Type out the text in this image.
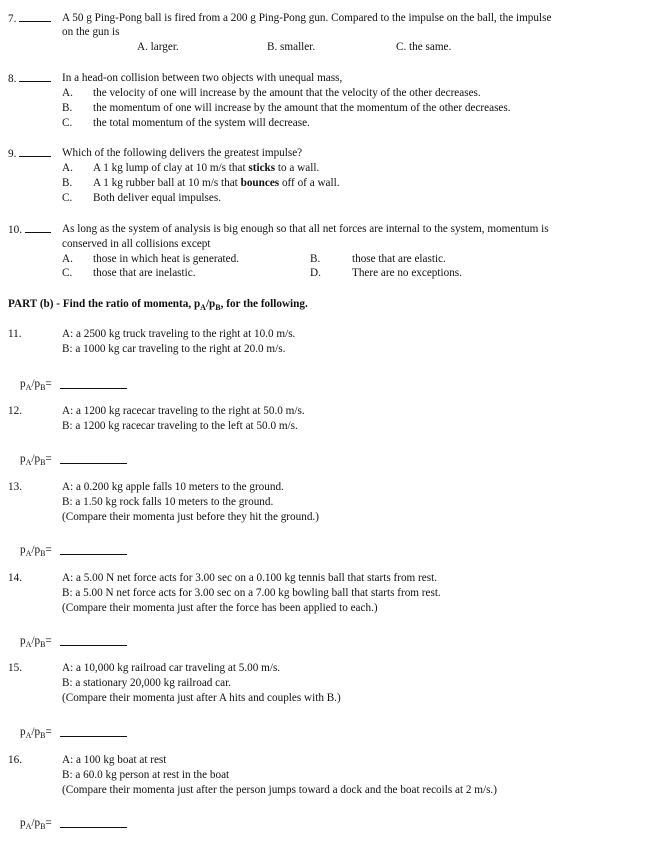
7.	A 50 g Ping-Pong ball is fired from a 200 g Ping-Pong gun. Compared to the impulse on the ball, the impulse
on the gun is
A. larger.	B. smaller.	C. the same.
8.	In a head-on collision between two objects with unequal mass,
A. the velocity of one will increase by the amount that the velocity of the other decreases.
B. the momentum of one will increase by the amount that the momentum of the other decreases.
C. the total momentum of the system will decrease.
9.	Which of the following delivers the greatest impulse?
A. A 1 kg lump of clay at 10 m/s that sticks to a wall.
B. A 1 kg rubber ball at 10 m/s that bounces off of a wall.
C. Both deliver equal impulses.
10.	As long as the system of analysis is big enough so that all net forces are internal to the system, momentum is
conserved in all collisions except
A. those in which heat is generated.	B.	those that are elastic.
C. those that are inelastic.	D.	There are no exceptions.
PART (b) - Find the ratio of momenta, $p_A/p_B$, for the following.
11.	A: a 2500 kg truck traveling to the right at 10.0 m/s.
B: a 1000 kg car traveling to the right at 20.0 m/s.
$p_A/p_B=$
12.	A: a 1200 kg racecar traveling to the right at 50.0 m/s.
B: a 1200 kg racecar traveling to the left at 50.0 m/s.
$p_A/p_B=$
13.	A: a 0.200 kg apple falls 10 meters to the ground.
B: a 1.50 kg rock falls 10 meters to the ground.
(Compare their momenta just before they hit the ground.)
$p_A/p_B=$
14.	A: a 5.00 N net force acts for 3.00 sec on a 0.100 kg tennis ball that starts from rest.
B: a 5.00 N net force acts for 3.00 sec on a 7.00 kg bowling ball that starts from rest.
(Compare their momenta just after the force has been applied to each.)
$p_A/p_B=$
15.	A: a 10,000 kg railroad car traveling at 5.00 m/s.
B: a stationary 20,000 kg railroad car.
(Compare their momenta just after A hits and couples with B.)
$p_A/p_B=$
16.	A: a 100 kg boat at rest
B: a 60.0 kg person at rest in the boat
(Compare their momenta just after the person jumps toward a dock and the boat recoils at 2 m/s.)
$p_A/p_B=$
